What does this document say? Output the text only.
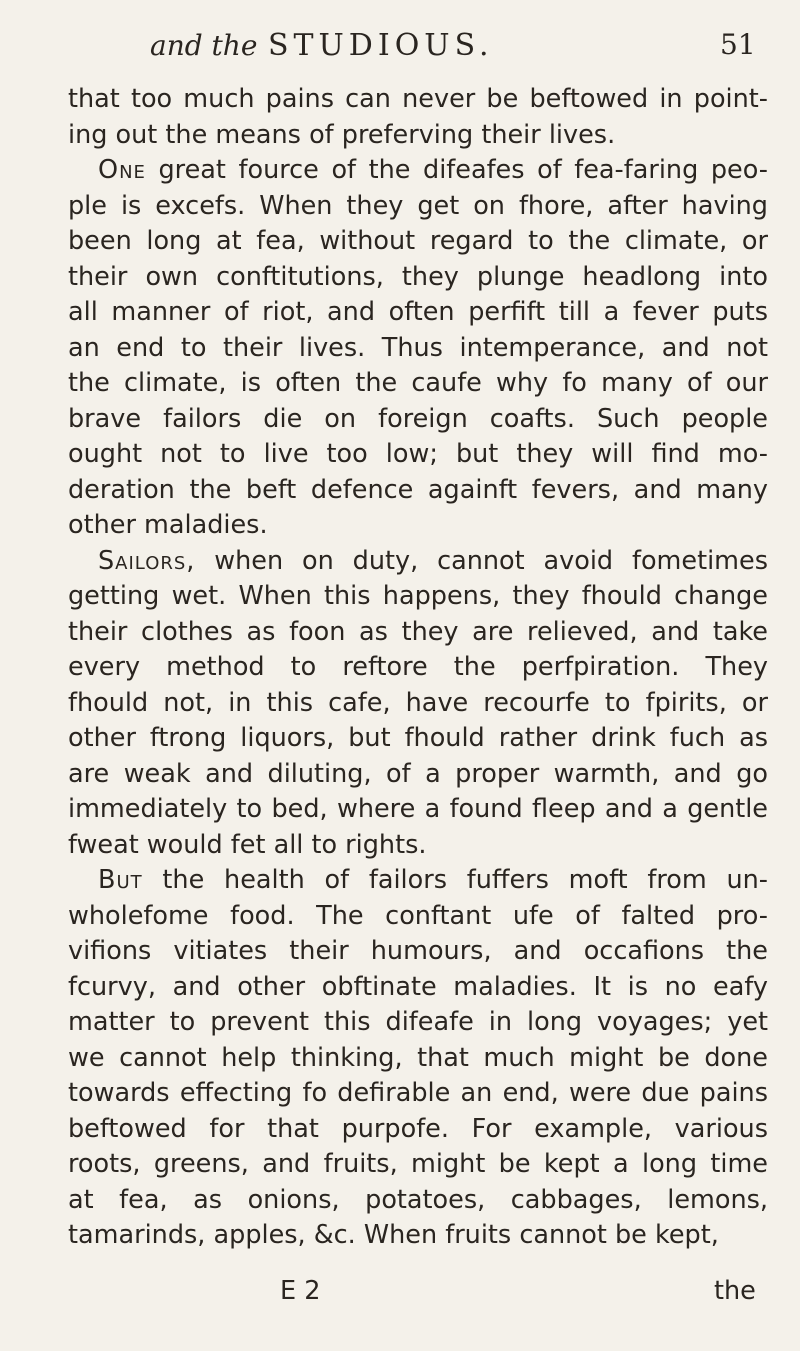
and the STUDIOUS.	51
that too much pains can never be beftowed in point-
ing out the means of preferving their lives.
One great fource of the difeafes of fea-faring peo-
ple is excefs. When they get on fhore, after having
been long at fea, without regard to the climate, or
their own conftitutions, they plunge headlong into
all manner of riot, and often perfift till a fever puts
an end to their lives. Thus intemperance, and not
the climate, is often the caufe why fo many of our
brave failors die on foreign coafts. Such people
ought not to live too low; but they will find mo-
deration the beft defence againft fevers, and many
other maladies.
Sailors, when on duty, cannot avoid fometimes
getting wet. When this happens, they fhould change
their clothes as foon as they are relieved, and take
every method to reftore the perfpiration. They
fhould not, in this cafe, have recourfe to fpirits, or
other ftrong liquors, but fhould rather drink fuch as
are weak and diluting, of a proper warmth, and go
immediately to bed, where a found fleep and a gentle
fweat would fet all to rights.
But the health of failors fuffers moft from un-
wholefome food. The conftant ufe of falted pro-
vifions vitiates their humours, and occafions the
fcurvy, and other obftinate maladies. It is no eafy
matter to prevent this difeafe in long voyages; yet
we cannot help thinking, that much might be done
towards effecting fo defirable an end, were due pains
beftowed for that purpofe. For example, various
roots, greens, and fruits, might be kept a long time
at fea, as onions, potatoes, cabbages, lemons,
tamarinds, apples, &c. When fruits cannot be kept,
E 2	the
